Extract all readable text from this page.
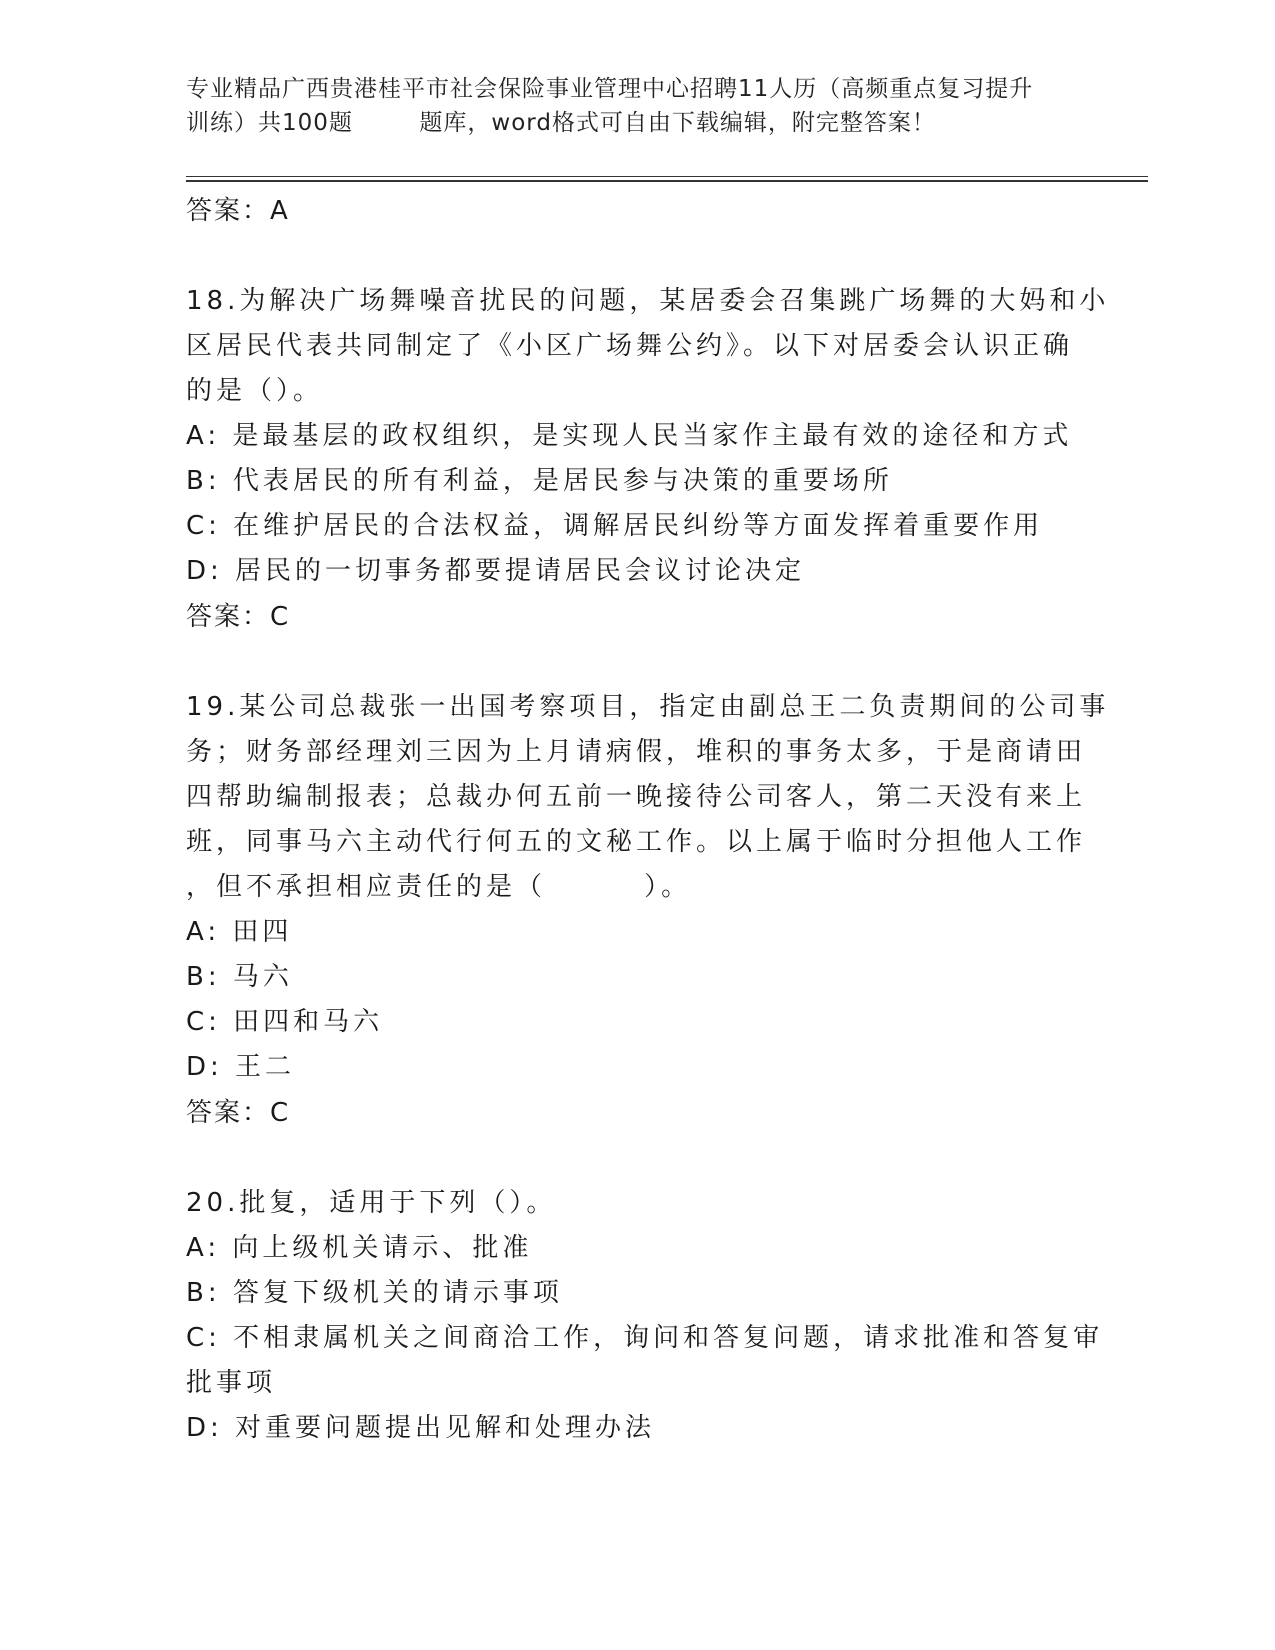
专业精品广西贵港桂平市社会保险事业管理中心招聘11人历（高频重点复习提升
训练）共100题        题库，word格式可自由下载编辑，附完整答案！
答案：A
18.为解决广场舞噪音扰民的问题，某居委会召集跳广场舞的大妈和小
区居民代表共同制定了《小区广场舞公约》。以下对居委会认识正确
的是（）。
A: 是最基层的政权组织，是实现人民当家作主最有效的途径和方式
B: 代表居民的所有利益，是居民参与决策的重要场所
C: 在维护居民的合法权益，调解居民纠纷等方面发挥着重要作用
D: 居民的一切事务都要提请居民会议讨论决定
答案：C
19.某公司总裁张一出国考察项目，指定由副总王二负责期间的公司事
务；财务部经理刘三因为上月请病假，堆积的事务太多，于是商请田
四帮助编制报表；总裁办何五前一晚接待公司客人，第二天没有来上
班，同事马六主动代行何五的文秘工作。以上属于临时分担他人工作
，但不承担相应责任的是（        ）。
A: 田四
B: 马六
C: 田四和马六
D: 王二
答案：C
20.批复，适用于下列（）。
A: 向上级机关请示、批准
B: 答复下级机关的请示事项
C: 不相隶属机关之间商洽工作，询问和答复问题，请求批准和答复审
批事项
D: 对重要问题提出见解和处理办法
